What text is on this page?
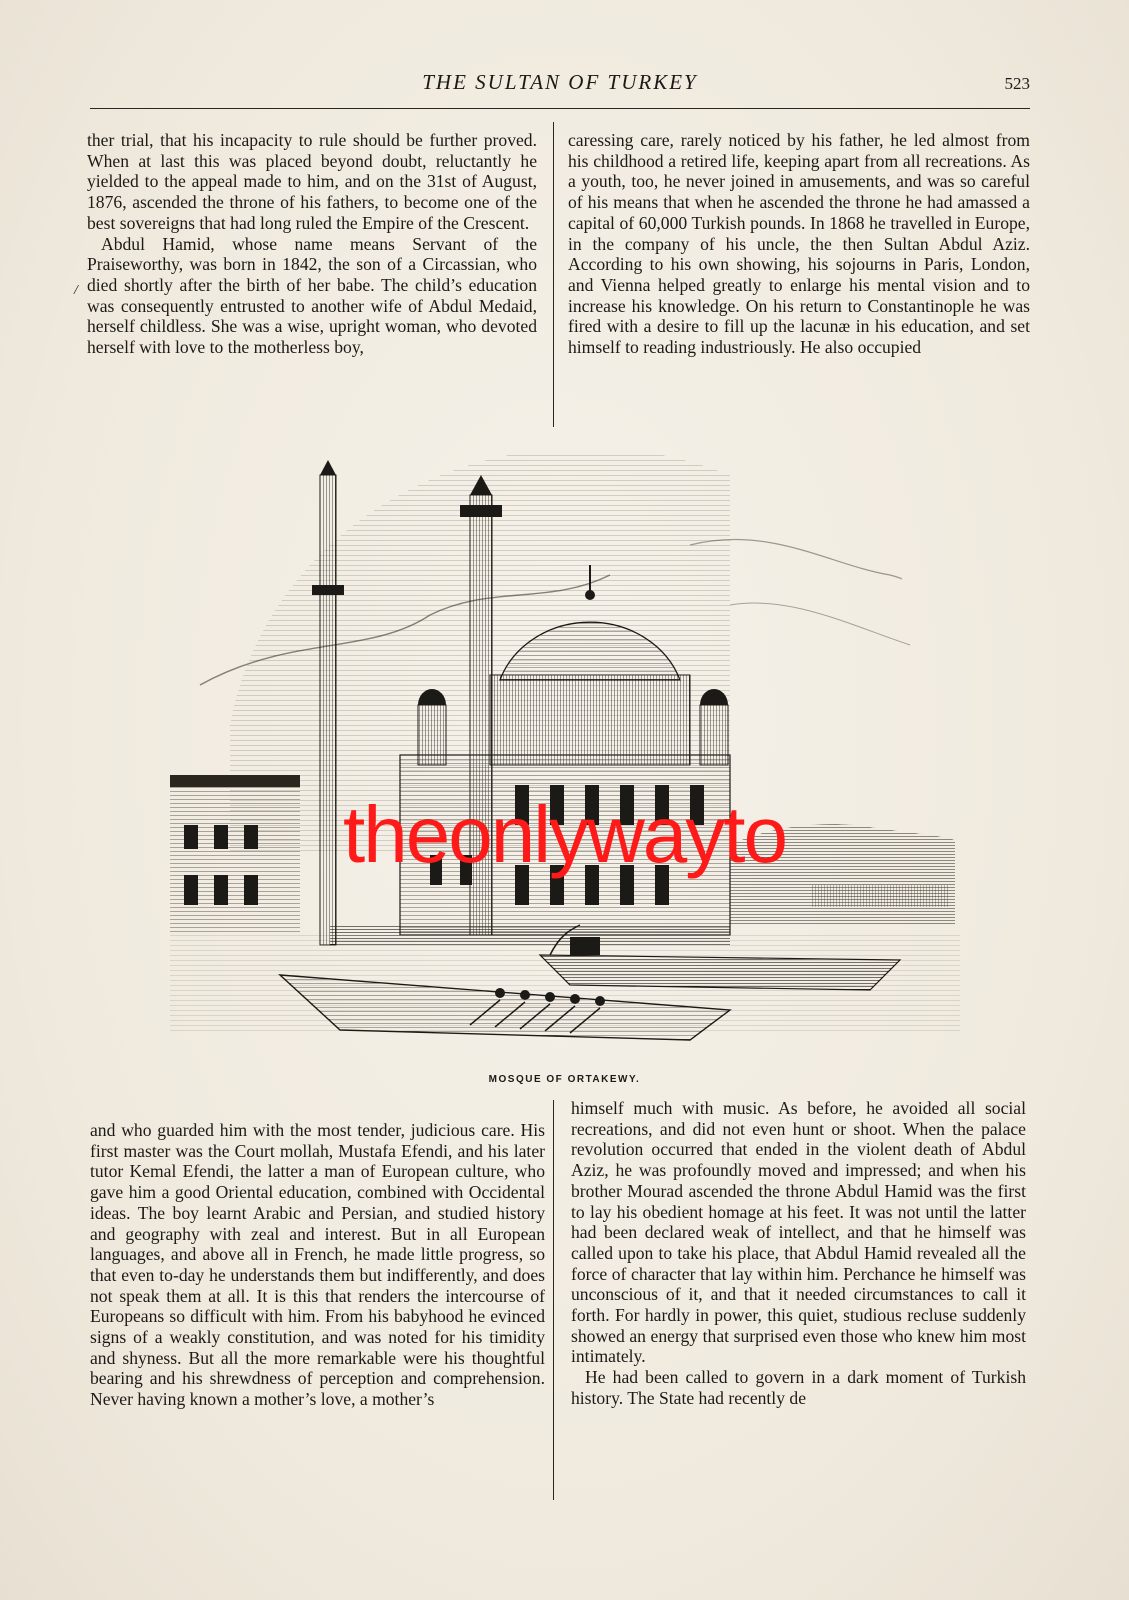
THE SULTAN OF TURKEY	523

ther trial, that his incapacity to rule should be further proved. When at last this was placed beyond doubt, reluctantly he yielded to the appeal made to him, and on the 31st of August, 1876, ascended the throne of his fathers, to become one of the best sovereigns that had long ruled the Empire of the Crescent.

Abdul Hamid, whose name means Servant of the Praiseworthy, was born in 1842, the son of a Circassian, who died shortly after the birth of her babe. The child’s education was consequently entrusted to another wife of Abdul Medaid, herself childless. She was a wise, upright woman, who devoted herself with love to the motherless boy,

/

caressing care, rarely noticed by his father, he led almost from his childhood a retired life, keeping apart from all recreations. As a youth, too, he never joined in amusements, and was so careful of his means that when he ascended the throne he had amassed a capital of 60,000 Turkish pounds. In 1868 he travelled in Europe, in the company of his uncle, the then Sultan Abdul Aziz. According to his own showing, his sojourns in Paris, London, and Vienna helped greatly to enlarge his mental vision and to increase his knowledge. On his return to Constantinople he was fired with a desire to fill up the lacunæ in his education, and set himself to reading industriously. He also occupied

theonlywayto
MOSQUE OF ORTAKEWY.

and who guarded him with the most tender, judicious care. His first master was the Court mollah, Mustafa Efendi, and his later tutor Kemal Efendi, the latter a man of European culture, who gave him a good Oriental education, combined with Occidental ideas. The boy learnt Arabic and Persian, and studied history and geography with zeal and interest. But in all European languages, and above all in French, he made little progress, so that even to-day he understands them but indifferently, and does not speak them at all. It is this that renders the intercourse of Europeans so difficult with him. From his babyhood he evinced signs of a weakly constitution, and was noted for his timidity and shyness. But all the more remarkable were his thoughtful bearing and his shrewdness of perception and comprehension. Never having known a mother’s love, a mother’s

himself much with music. As before, he avoided all social recreations, and did not even hunt or shoot. When the palace revolution occurred that ended in the violent death of Abdul Aziz, he was profoundly moved and impressed; and when his brother Mourad ascended the throne Abdul Hamid was the first to lay his obedient homage at his feet. It was not until the latter had been declared weak of intellect, and that he himself was called upon to take his place, that Abdul Hamid revealed all the force of character that lay within him. Perchance he himself was unconscious of it, and that it needed circumstances to call it forth. For hardly in power, this quiet, studious recluse suddenly showed an energy that surprised even those who knew him most intimately.

He had been called to govern in a dark moment of Turkish history. The State had recently de
